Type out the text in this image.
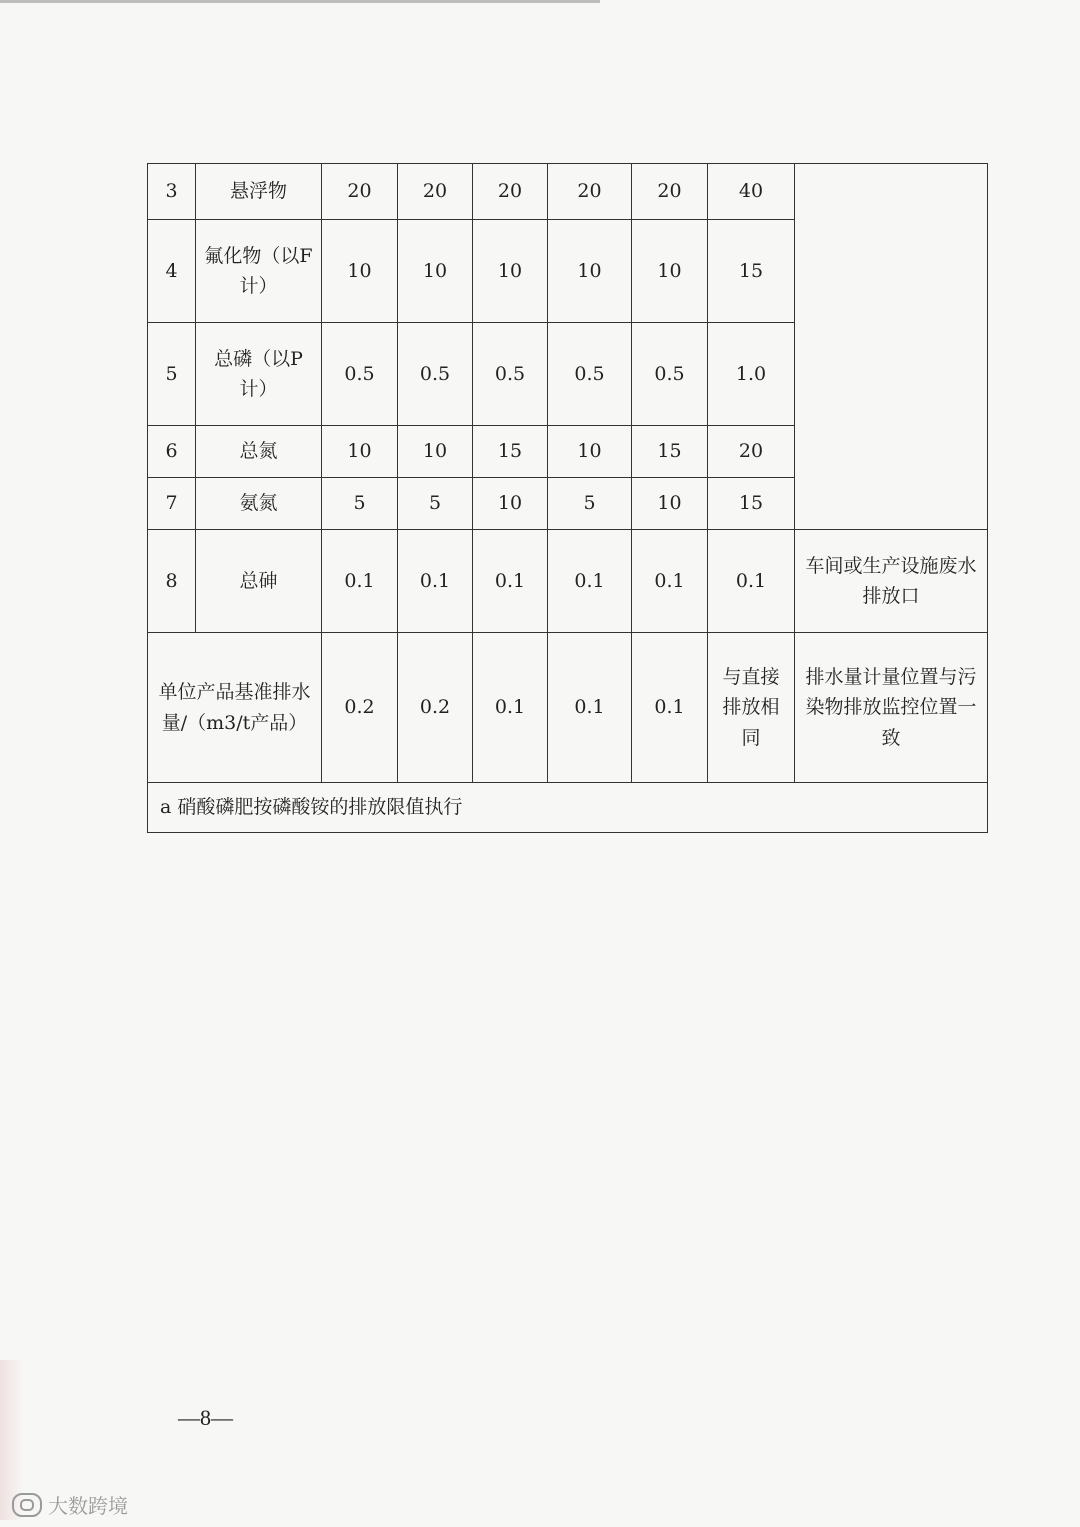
3	悬浮物	20	20	20	20	20	40	
4	氟化物（以F计）	10	10	10	10	10	15	
5	总磷（以P计）	0.5	0.5	0.5	0.5	0.5	1.0	
6	总氮	10	10	15	10	15	20	
7	氨氮	5	5	10	5	10	15	
8	总砷	0.1	0.1	0.1	0.1	0.1	0.1	车间或生产设施废水排放口
单位产品基准排水量/（m3/t产品）		0.2	0.2	0.1	0.1	0.1	与直接排放相同	排水量计量位置与污染物排放监控位置一致
a 硝酸磷肥按磷酸铵的排放限值执行								
—8—
大数跨境
